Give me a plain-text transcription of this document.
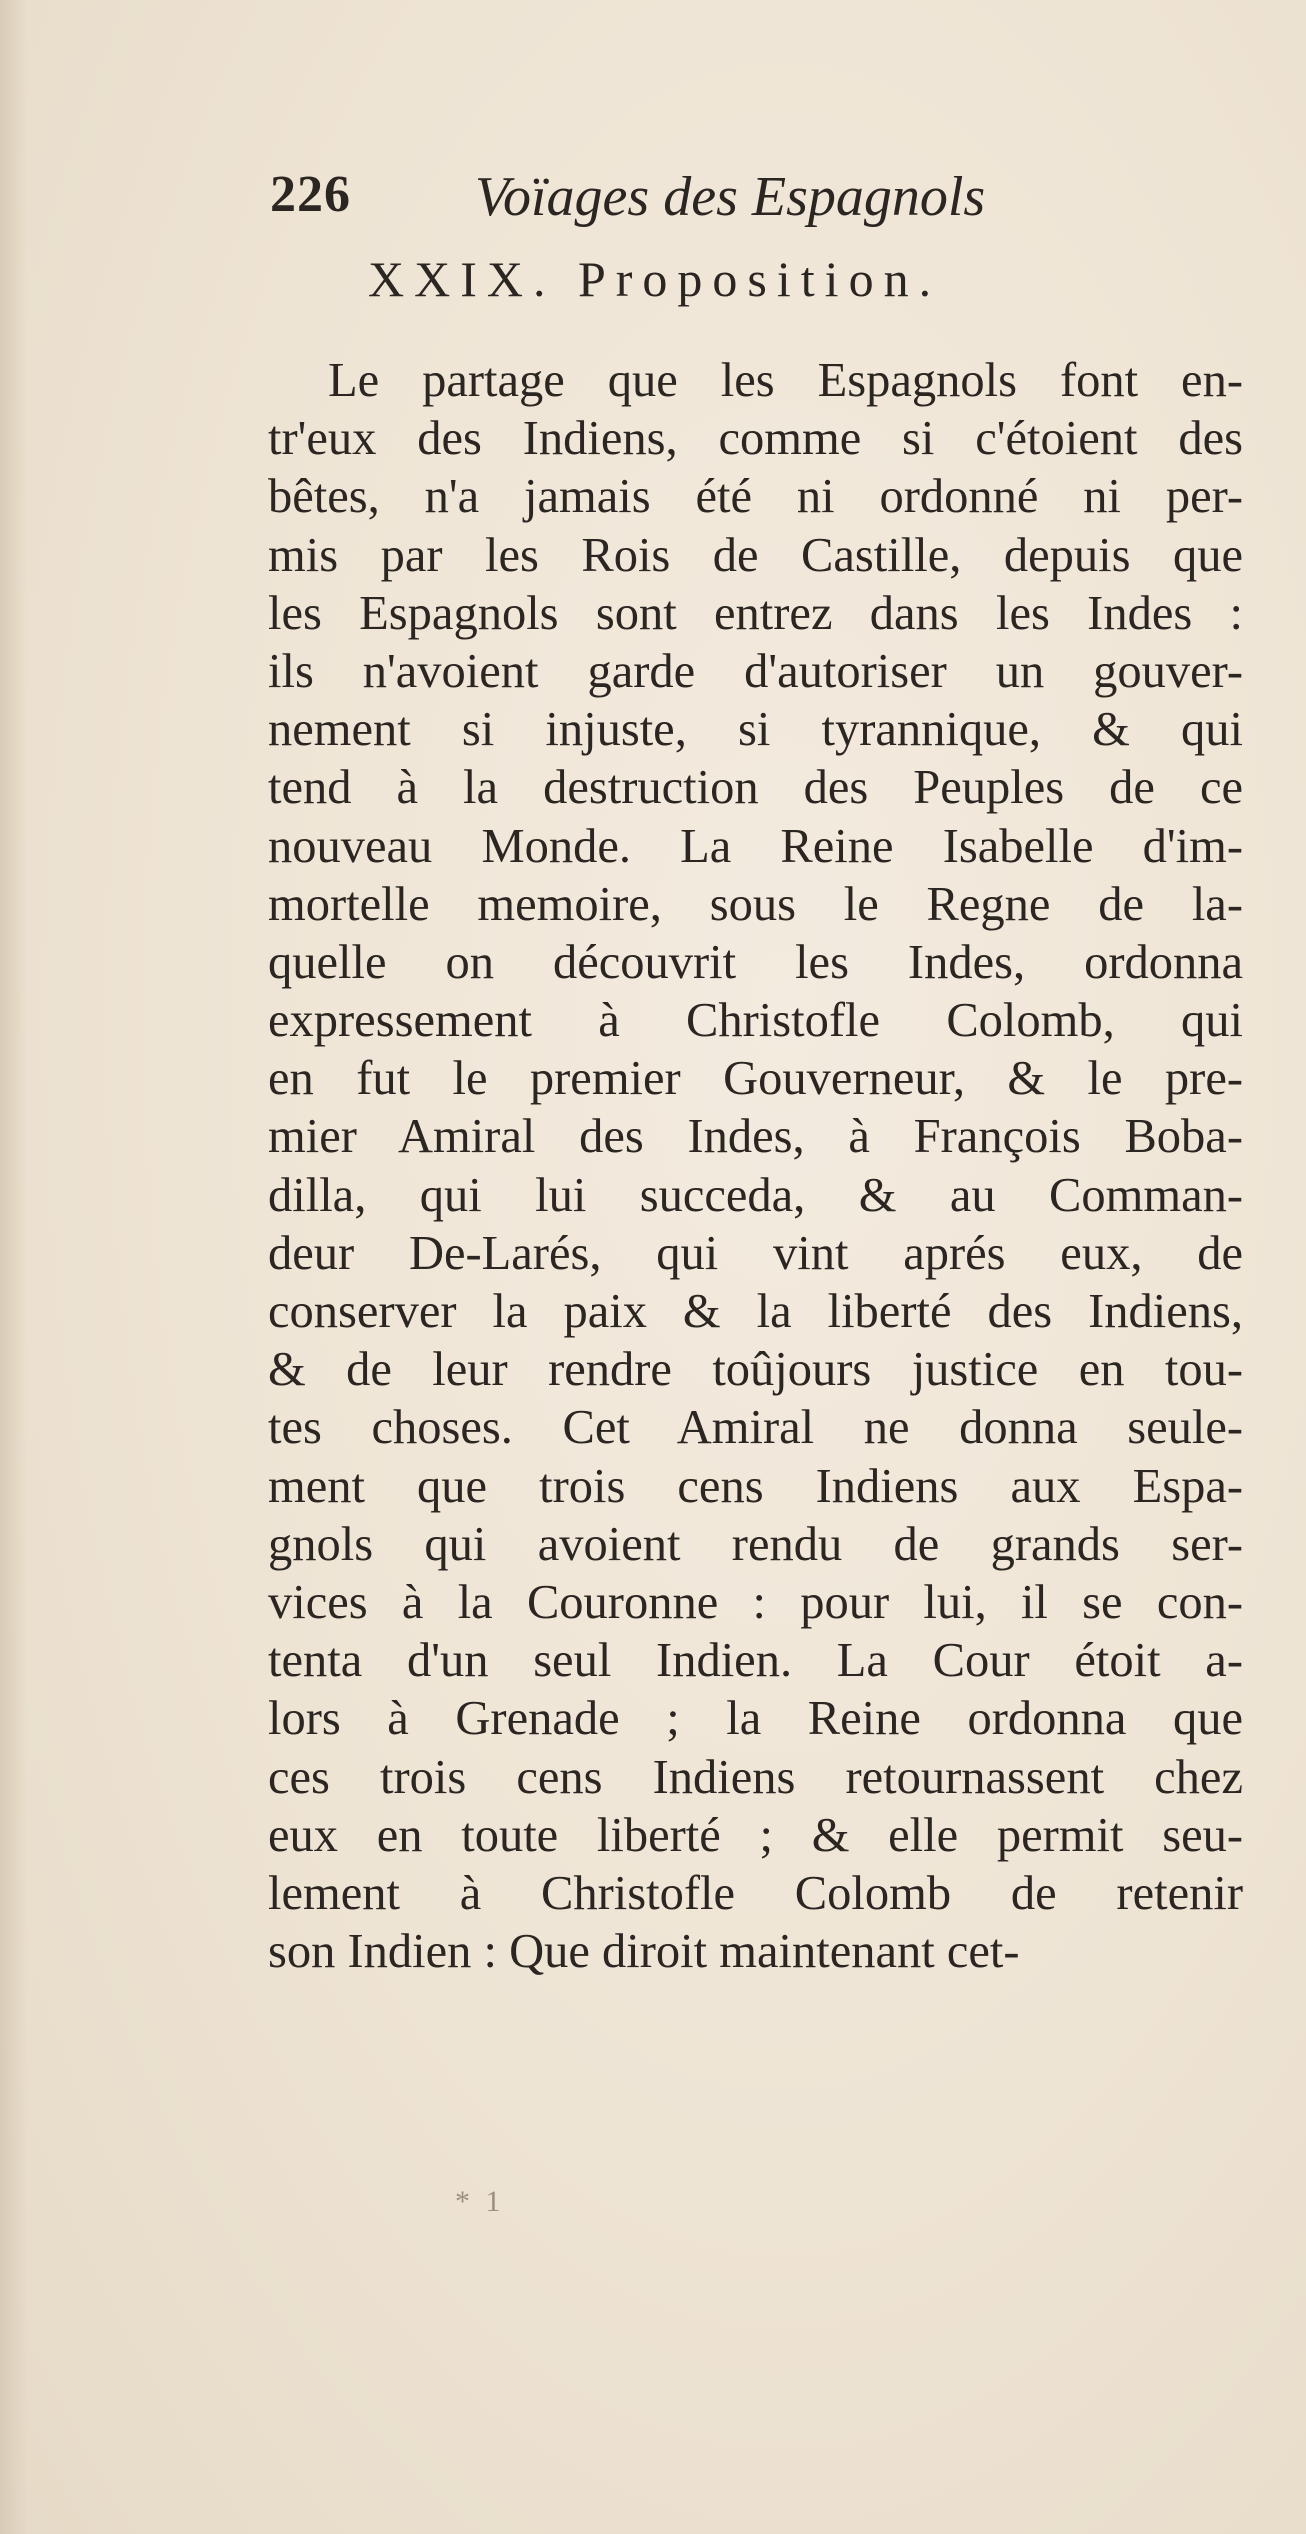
226 Voïages des Espagnols
XXIX. Proposition.
Le partage que les Espagnols font en-
tr'eux des Indiens, comme si c'étoient des
bêtes, n'a jamais été ni ordonné ni per-
mis par les Rois de Castille, depuis que
les Espagnols sont entrez dans les Indes :
ils n'avoient garde d'autoriser un gouver-
nement si injuste, si tyrannique, & qui
tend à la destruction des Peuples de ce
nouveau Monde. La Reine Isabelle d'im-
mortelle memoire, sous le Regne de la-
quelle on découvrit les Indes, ordonna
expressement à Christofle Colomb, qui
en fut le premier Gouverneur, & le pre-
mier Amiral des Indes, à François Boba-
dilla, qui lui succeda, & au Comman-
deur De-Larés, qui vint aprés eux, de
conserver la paix & la liberté des Indiens,
& de leur rendre toûjours justice en tou-
tes choses. Cet Amiral ne donna seule-
ment que trois cens Indiens aux Espa-
gnols qui avoient rendu de grands ser-
vices à la Couronne : pour lui, il se con-
tenta d'un seul Indien. La Cour étoit a-
lors à Grenade ; la Reine ordonna que
ces trois cens Indiens retournassent chez
eux en toute liberté ; & elle permit seu-
lement à Christofle Colomb de retenir
son Indien : Que diroit maintenant cet-
* 1
